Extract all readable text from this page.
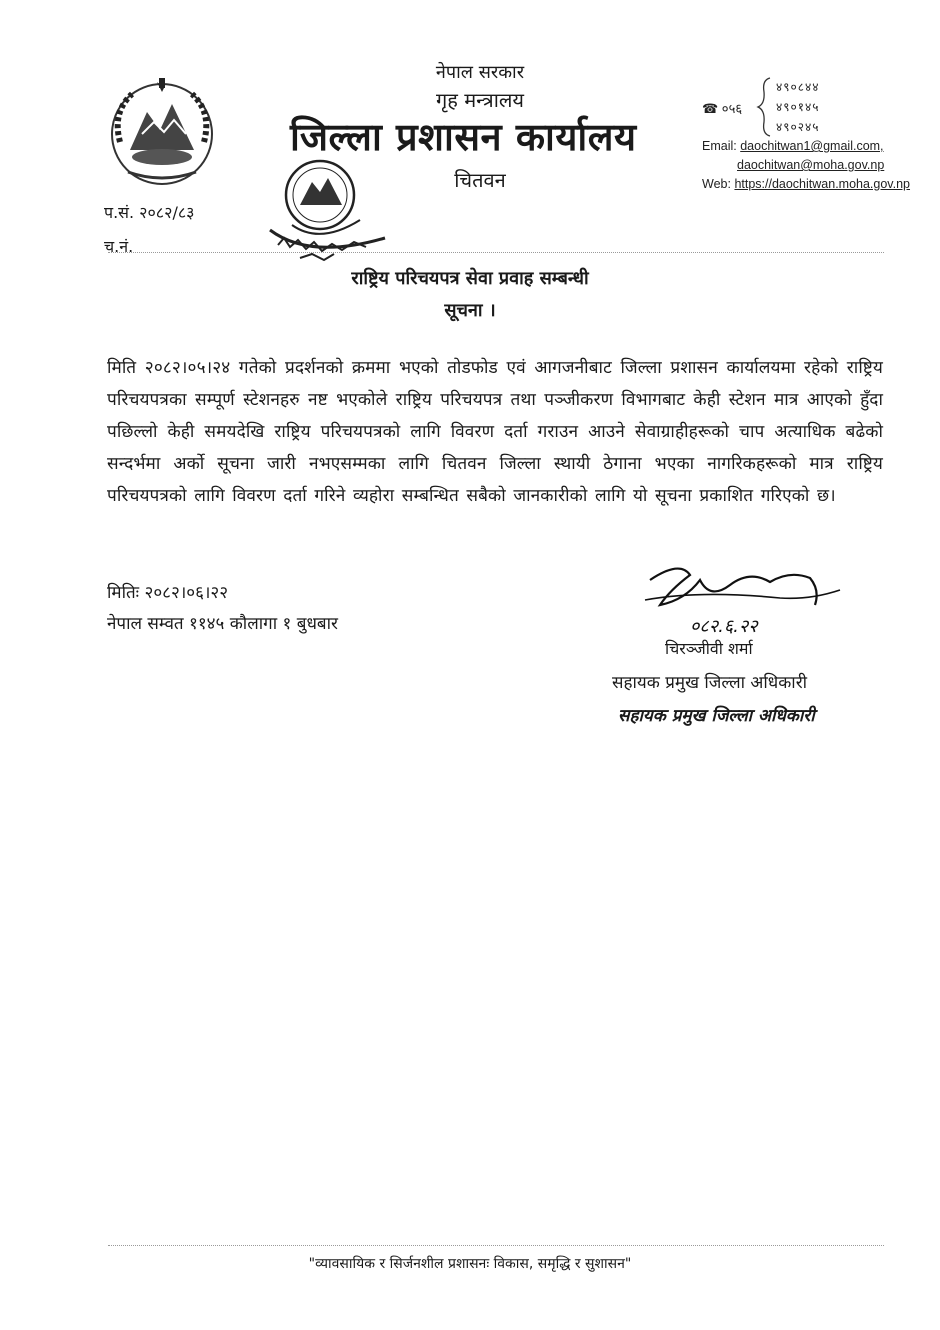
नेपाल सरकार
गृह मन्त्रालय
जिल्ला प्रशासन कार्यालय
चितवन
☎ ०५६
४९०८४४
४९०१४५
४९०२४५
Email: daochitwan1@gmail.com,
daochitwan@moha.gov.np
Web: https://daochitwan.moha.gov.np
प.सं. २०८२/८३
च.नं.
राष्ट्रिय परिचयपत्र सेवा प्रवाह सम्बन्धी
सूचना ।
मिति २०८२।०५।२४ गतेको प्रदर्शनको क्रममा भएको तोडफोड एवं आगजनीबाट जिल्ला प्रशासन कार्यालयमा रहेको राष्ट्रिय परिचयपत्रका सम्पूर्ण स्टेशनहरु नष्ट भएकोले राष्ट्रिय परिचयपत्र तथा पञ्जीकरण विभागबाट केही स्टेशन मात्र आएको हुँदा पछिल्लो केही समयदेखि राष्ट्रिय परिचयपत्रको लागि विवरण दर्ता गराउन आउने सेवाग्राहीहरूको चाप अत्याधिक बढेको सन्दर्भमा अर्को सूचना जारी नभएसम्मका लागि चितवन जिल्ला स्थायी ठेगाना भएका नागरिकहरूको मात्र राष्ट्रिय परिचयपत्रको लागि विवरण दर्ता गरिने व्यहोरा सम्बन्धित सबैको जानकारीको लागि यो सूचना प्रकाशित गरिएको छ।
मितिः २०८२।०६।२२
नेपाल सम्वत ११४५ कौलागा १ बुधबार	०८२.६.२२
चिरञ्जीवी शर्मा
सहायक प्रमुख जिल्ला अधिकारी
सहायक प्रमुख जिल्ला अधिकारी
"व्यावसायिक र सिर्जनशील प्रशासनः विकास, समृद्धि र सुशासन"
